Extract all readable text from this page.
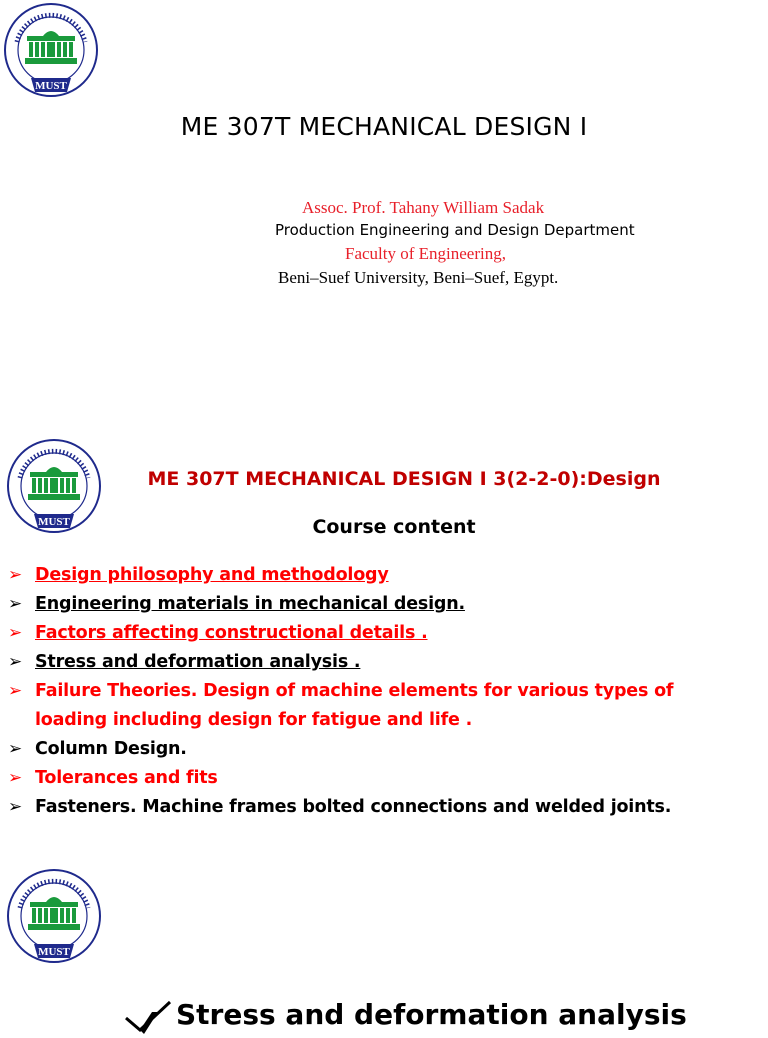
MUST
ME 307T MECHANICAL DESIGN I
Assoc. Prof. Tahany William Sadak
Production Engineering and Design Department
Faculty of Engineering,
Beni–Suef University, Beni–Suef, Egypt.
MUST
ME 307T MECHANICAL DESIGN I 3(2-2-0):Design
Course content
➢ Design philosophy and methodology
➢ Engineering materials in mechanical design.
➢ Factors affecting constructional details .
➢ Stress and deformation analysis .
➢ Failure Theories. Design of machine elements for various types of
loading including design for fatigue and life .
➢ Column Design.
➢ Tolerances and fits
➢ Fasteners. Machine frames bolted connections and welded joints.
MUST
Stress and deformation analysis
